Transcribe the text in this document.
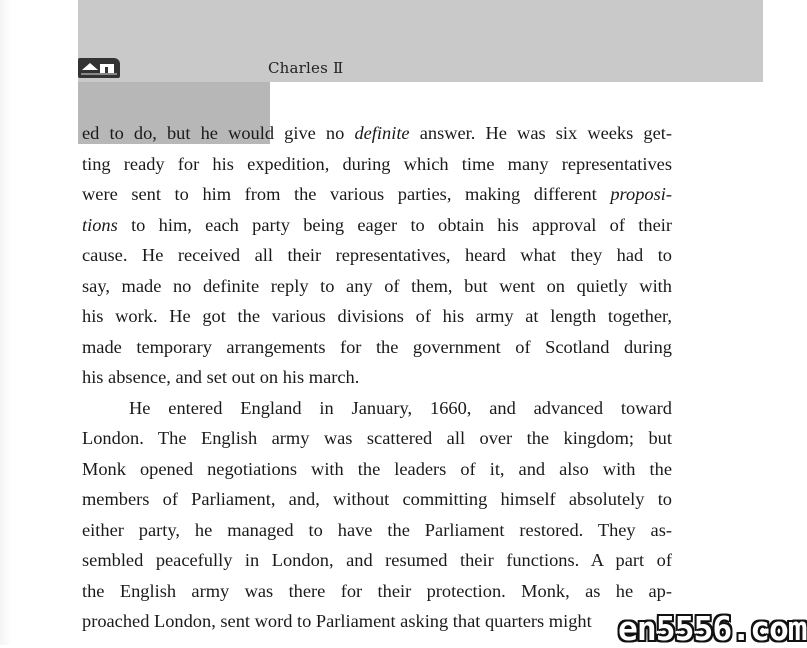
Charles Ⅱ
ed to do, but he would give no definite answer. He was six weeks get-
ting ready for his expedition, during which time many representatives
were sent to him from the various parties, making different proposi-
tions to him, each party being eager to obtain his approval of their
cause. He received all their representatives, heard what they had to
say, made no definite reply to any of them, but went on quietly with
his work. He got the various divisions of his army at length together,
made temporary arrangements for the government of Scotland during
his absence, and set out on his march.
He entered England in January, 1660, and advanced toward
London. The English army was scattered all over the kingdom; but
Monk opened negotiations with the leaders of it, and also with the
members of Parliament, and, without committing himself absolutely to
either party, he managed to have the Parliament restored. They as-
sembled peacefully in London, and resumed their functions. A part of
the English army was there for their protection. Monk, as he ap-
proached London, sent word to Parliament asking that quarters might en5556.com
